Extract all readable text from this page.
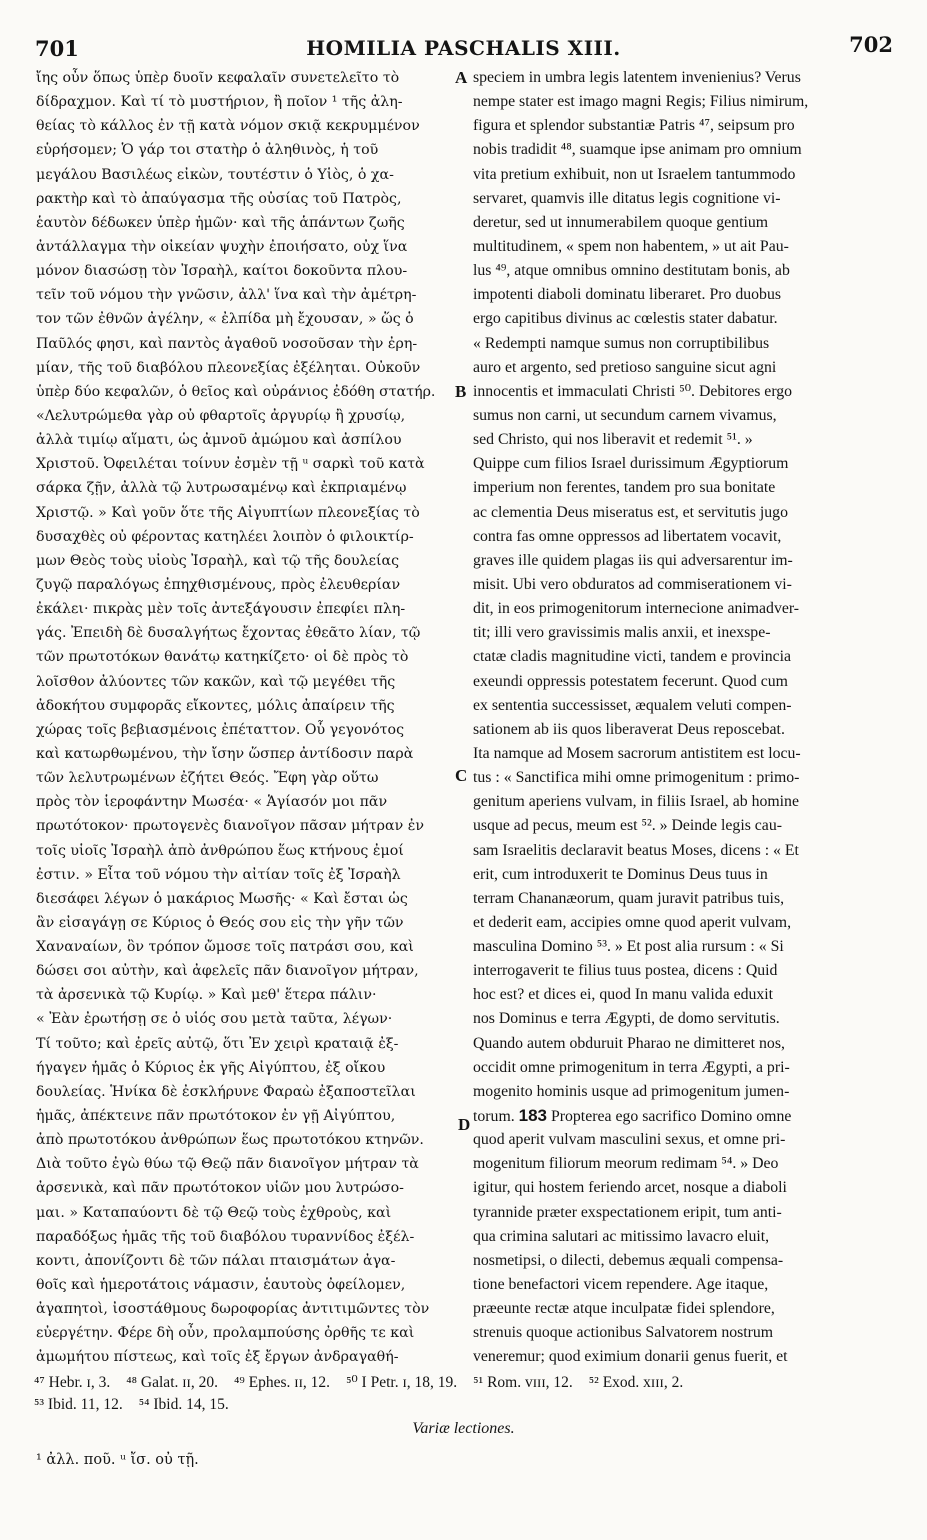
701	HOMILIA PASCHALIS XIII.	702
ἴης οὖν ὅπως ὑπὲρ δυοῖν κεφαλαῖν συνετελεῖτο τὸ
δίδραχμον. Καὶ τί τὸ μυστήριον, ἢ ποῖον ¹ τῆς ἀλη-
θείας τὸ κάλλος ἐν τῇ κατὰ νόμον σκιᾷ κεκρυμμένον
εὑρήσομεν; Ὁ γάρ τοι στατὴρ ὁ ἀληθινὸς, ἡ τοῦ
μεγάλου Βασιλέως εἰκὼν, τουτέστιν ὁ Υἱὸς, ὁ χα-
ρακτὴρ καὶ τὸ ἀπαύγασμα τῆς οὐσίας τοῦ Πατρὸς,
ἑαυτὸν δέδωκεν ὑπὲρ ἡμῶν· καὶ τῆς ἁπάντων ζωῆς
ἀντάλλαγμα τὴν οἰκείαν ψυχὴν ἐποιήσατο, οὐχ ἵνα
μόνον διασώσῃ τὸν Ἰσραὴλ, καίτοι δοκοῦντα πλου-
τεῖν τοῦ νόμου τὴν γνῶσιν, ἀλλ' ἵνα καὶ τὴν ἀμέτρη-
τον τῶν ἐθνῶν ἀγέλην, « ἐλπίδα μὴ ἔχουσαν, » ὥς ὁ
Παῦλός φησι, καὶ παντὸς ἀγαθοῦ νοσοῦσαν τὴν ἐρη-
μίαν, τῆς τοῦ διαβόλου πλεονεξίας ἐξέληται. Οὐκοῦν
ὑπὲρ δύο κεφαλῶν, ὁ θεῖος καὶ οὐράνιος ἐδόθη στατήρ.
«Λελυτρώμεθα γὰρ οὐ φθαρτοῖς ἀργυρίῳ ἢ χρυσίῳ,
ἀλλὰ τιμίῳ αἵματι, ὡς ἀμνοῦ ἀμώμου καὶ ἀσπίλου
Χριστοῦ. Ὀφειλέται τοίνυν ἐσμὲν τῇ ᵘ σαρκὶ τοῦ κατὰ
σάρκα ζῇν, ἀλλὰ τῷ λυτρωσαμένῳ καὶ ἐκπριαμένῳ
Χριστῷ. » Καὶ γοῦν ὅτε τῆς Αἰγυπτίων πλεονεξίας τὸ
δυσαχθὲς οὐ φέροντας κατηλέει λοιπὸν ὁ φιλοικτίρ-
μων Θεὸς τοὺς υἱοὺς Ἰσραὴλ, καὶ τῷ τῆς δουλείας
ζυγῷ παραλόγως ἐπηχθισμένους, πρὸς ἐλευθερίαν
ἐκάλει· πικρὰς μὲν τοῖς ἀντεξάγουσιν ἐπεφίει πλη-
γάς. Ἐπειδὴ δὲ δυσαλγήτως ἔχοντας ἐθεᾶτο λίαν, τῷ
τῶν πρωτοτόκων θανάτῳ κατηκίζετο· οἱ δὲ πρὸς τὸ
λοῖσθον ἀλύοντες τῶν κακῶν, καὶ τῷ μεγέθει τῆς
ἀδοκήτου συμφορᾶς εἴκοντες, μόλις ἀπαίρειν τῆς
χώρας τοῖς βεβιασμένοις ἐπέταττον. Οὗ γεγονότος
καὶ κατωρθωμένου, τὴν ἴσην ὥσπερ ἀντίδοσιν παρὰ
τῶν λελυτρωμένων ἐζήτει Θεός. Ἔφη γὰρ οὕτω
πρὸς τὸν ἱεροφάντην Μωσέα· « Ἁγίασόν μοι πᾶν
πρωτότοκον· πρωτογενὲς διανοῖγον πᾶσαν μήτραν ἐν
τοῖς υἱοῖς Ἰσραὴλ ἀπὸ ἀνθρώπου ἕως κτήνους ἐμοί
ἐστιν. » Εἶτα τοῦ νόμου τὴν αἰτίαν τοῖς ἐξ Ἰσραὴλ
διεσάφει λέγων ὁ μακάριος Μωσῆς· « Καὶ ἔσται ὡς
ἂν εἰσαγάγῃ σε Κύριος ὁ Θεός σου εἰς τὴν γῆν τῶν
Χαναναίων, ὃν τρόπον ὤμοσε τοῖς πατράσι σου, καὶ
δώσει σοι αὐτὴν, καὶ ἀφελεῖς πᾶν διανοῖγον μήτραν,
τὰ ἀρσενικὰ τῷ Κυρίῳ. » Καὶ μεθ' ἕτερα πάλιν·
« Ἐὰν ἐρωτήσῃ σε ὁ υἱός σου μετὰ ταῦτα, λέγων·
Τί τοῦτο; καὶ ἐρεῖς αὐτῷ, ὅτι Ἐν χειρὶ κραταιᾷ ἐξ-
ήγαγεν ἡμᾶς ὁ Κύριος ἐκ γῆς Αἰγύπτου, ἐξ οἴκου
δουλείας. Ἡνίκα δὲ ἐσκλήρυνε Φαραὼ ἐξαποστεῖλαι
ἡμᾶς, ἀπέκτεινε πᾶν πρωτότοκον ἐν γῇ Αἰγύπτου,
ἀπὸ πρωτοτόκου ἀνθρώπων ἕως πρωτοτόκου κτηνῶν.
Διὰ τοῦτο ἐγὼ θύω τῷ Θεῷ πᾶν διανοῖγον μήτραν τὰ
ἀρσενικὰ, καὶ πᾶν πρωτότοκον υἱῶν μου λυτρώσο-
μαι. » Καταπαύοντι δὲ τῷ Θεῷ τοὺς ἐχθροὺς, καὶ
παραδόξως ἡμᾶς τῆς τοῦ διαβόλου τυραννίδος ἐξέλ-
κοντι, ἀπονίζοντι δὲ τῶν πάλαι πταισμάτων ἀγα-
θοῖς καὶ ἡμεροτάτοις νάμασιν, ἑαυτοὺς ὀφείλομεν,
ἀγαπητοὶ, ἰσοστάθμους δωροφορίας ἀντιτιμῶντες τὸν
εὐεργέτην. Φέρε δὴ οὖν, προλαμπούσης ὀρθῆς τε καὶ
ἀμωμήτου πίστεως, καὶ τοῖς ἐξ ἔργων ἀνδραγαθή-
speciem in umbra legis latentem invenienius? Verus
nempe stater est imago magni Regis; Filius nimirum,
figura et splendor substantiæ Patris ⁴⁷, seipsum pro
nobis tradidit ⁴⁸, suamque ipse animam pro omnium
vita pretium exhibuit, non ut Israelem tantummodo
servaret, quamvis ille ditatus legis cognitione vi-
deretur, sed ut innumerabilem quoque gentium
multitudinem, « spem non habentem, » ut ait Pau-
lus ⁴⁹, atque omnibus omnino destitutam bonis, ab
impotenti diaboli dominatu liberaret. Pro duobus
ergo capitibus divinus ac cœlestis stater dabatur.
« Redempti namque sumus non corruptibilibus
auro et argento, sed pretioso sanguine sicut agni
innocentis et immaculati Christi ⁵⁰. Debitores ergo
sumus non carni, ut secundum carnem vivamus,
sed Christo, qui nos liberavit et redemit ⁵¹. »
Quippe cum filios Israel durissimum Ægyptiorum
imperium non ferentes, tandem pro sua bonitate
ac clementia Deus miseratus est, et servitutis jugo
contra fas omne oppressos ad libertatem vocavit,
graves ille quidem plagas iis qui adversarentur im-
misit. Ubi vero obduratos ad commiserationem vi-
dit, in eos primogenitorum internecione animadver-
tit; illi vero gravissimis malis anxii, et inexspe-
ctatæ cladis magnitudine victi, tandem e provincia
exeundi oppressis potestatem fecerunt. Quod cum
ex sententia successisset, æqualem veluti compen-
sationem ab iis quos liberaverat Deus reposcebat.
Ita namque ad Mosem sacrorum antistitem est locu-
tus : « Sanctifica mihi omne primogenitum : primo-
genitum aperiens vulvam, in filiis Israel, ab homine
usque ad pecus, meum est ⁵². » Deinde legis cau-
sam Israelitis declaravit beatus Moses, dicens : « Et
erit, cum introduxerit te Dominus Deus tuus in
terram Chananæorum, quam juravit patribus tuis,
et dederit eam, accipies omne quod aperit vulvam,
masculina Domino ⁵³. » Et post alia rursum : « Si
interrogaverit te filius tuus postea, dicens : Quid
hoc est? et dices ei, quod In manu valida eduxit
nos Dominus e terra Ægypti, de domo servitutis.
Quando autem obduruit Pharao ne dimitteret nos,
occidit omne primogenitum in terra Ægypti, a pri-
mogenito hominis usque ad primogenitum jumen-
torum. 183 Propterea ego sacrifico Domino omne
quod aperit vulvam masculini sexus, et omne pri-
mogenitum filiorum meorum redimam ⁵⁴. » Deo
igitur, qui hostem feriendo arcet, nosque a diaboli
tyrannide præter exspectationem eripit, tum anti-
qua crimina salutari ac mitissimo lavacro eluit,
nosmetipsi, o dilecti, debemus æquali compensa-
tione benefactori vicem rependere. Age itaque,
præeunte rectæ atque inculpatæ fidei splendore,
strenuis quoque actionibus Salvatorem nostrum
veneremur; quod eximium donarii genus fuerit, et
A
B
C
D
⁴⁷ Hebr. ɪ, 3. ⁴⁸ Galat. ɪɪ, 20. ⁴⁹ Ephes. ɪɪ, 12. ⁵⁰ I Petr. ɪ, 18, 19. ⁵¹ Rom. vɪɪɪ, 12. ⁵² Exod. xɪɪɪ, 2.
⁵³ Ibid. 11, 12. ⁵⁴ Ibid. 14, 15.
Variæ lectiones.
¹ ἀλλ. ποῦ. ᵘ ἴσ. οὐ τῇ.
